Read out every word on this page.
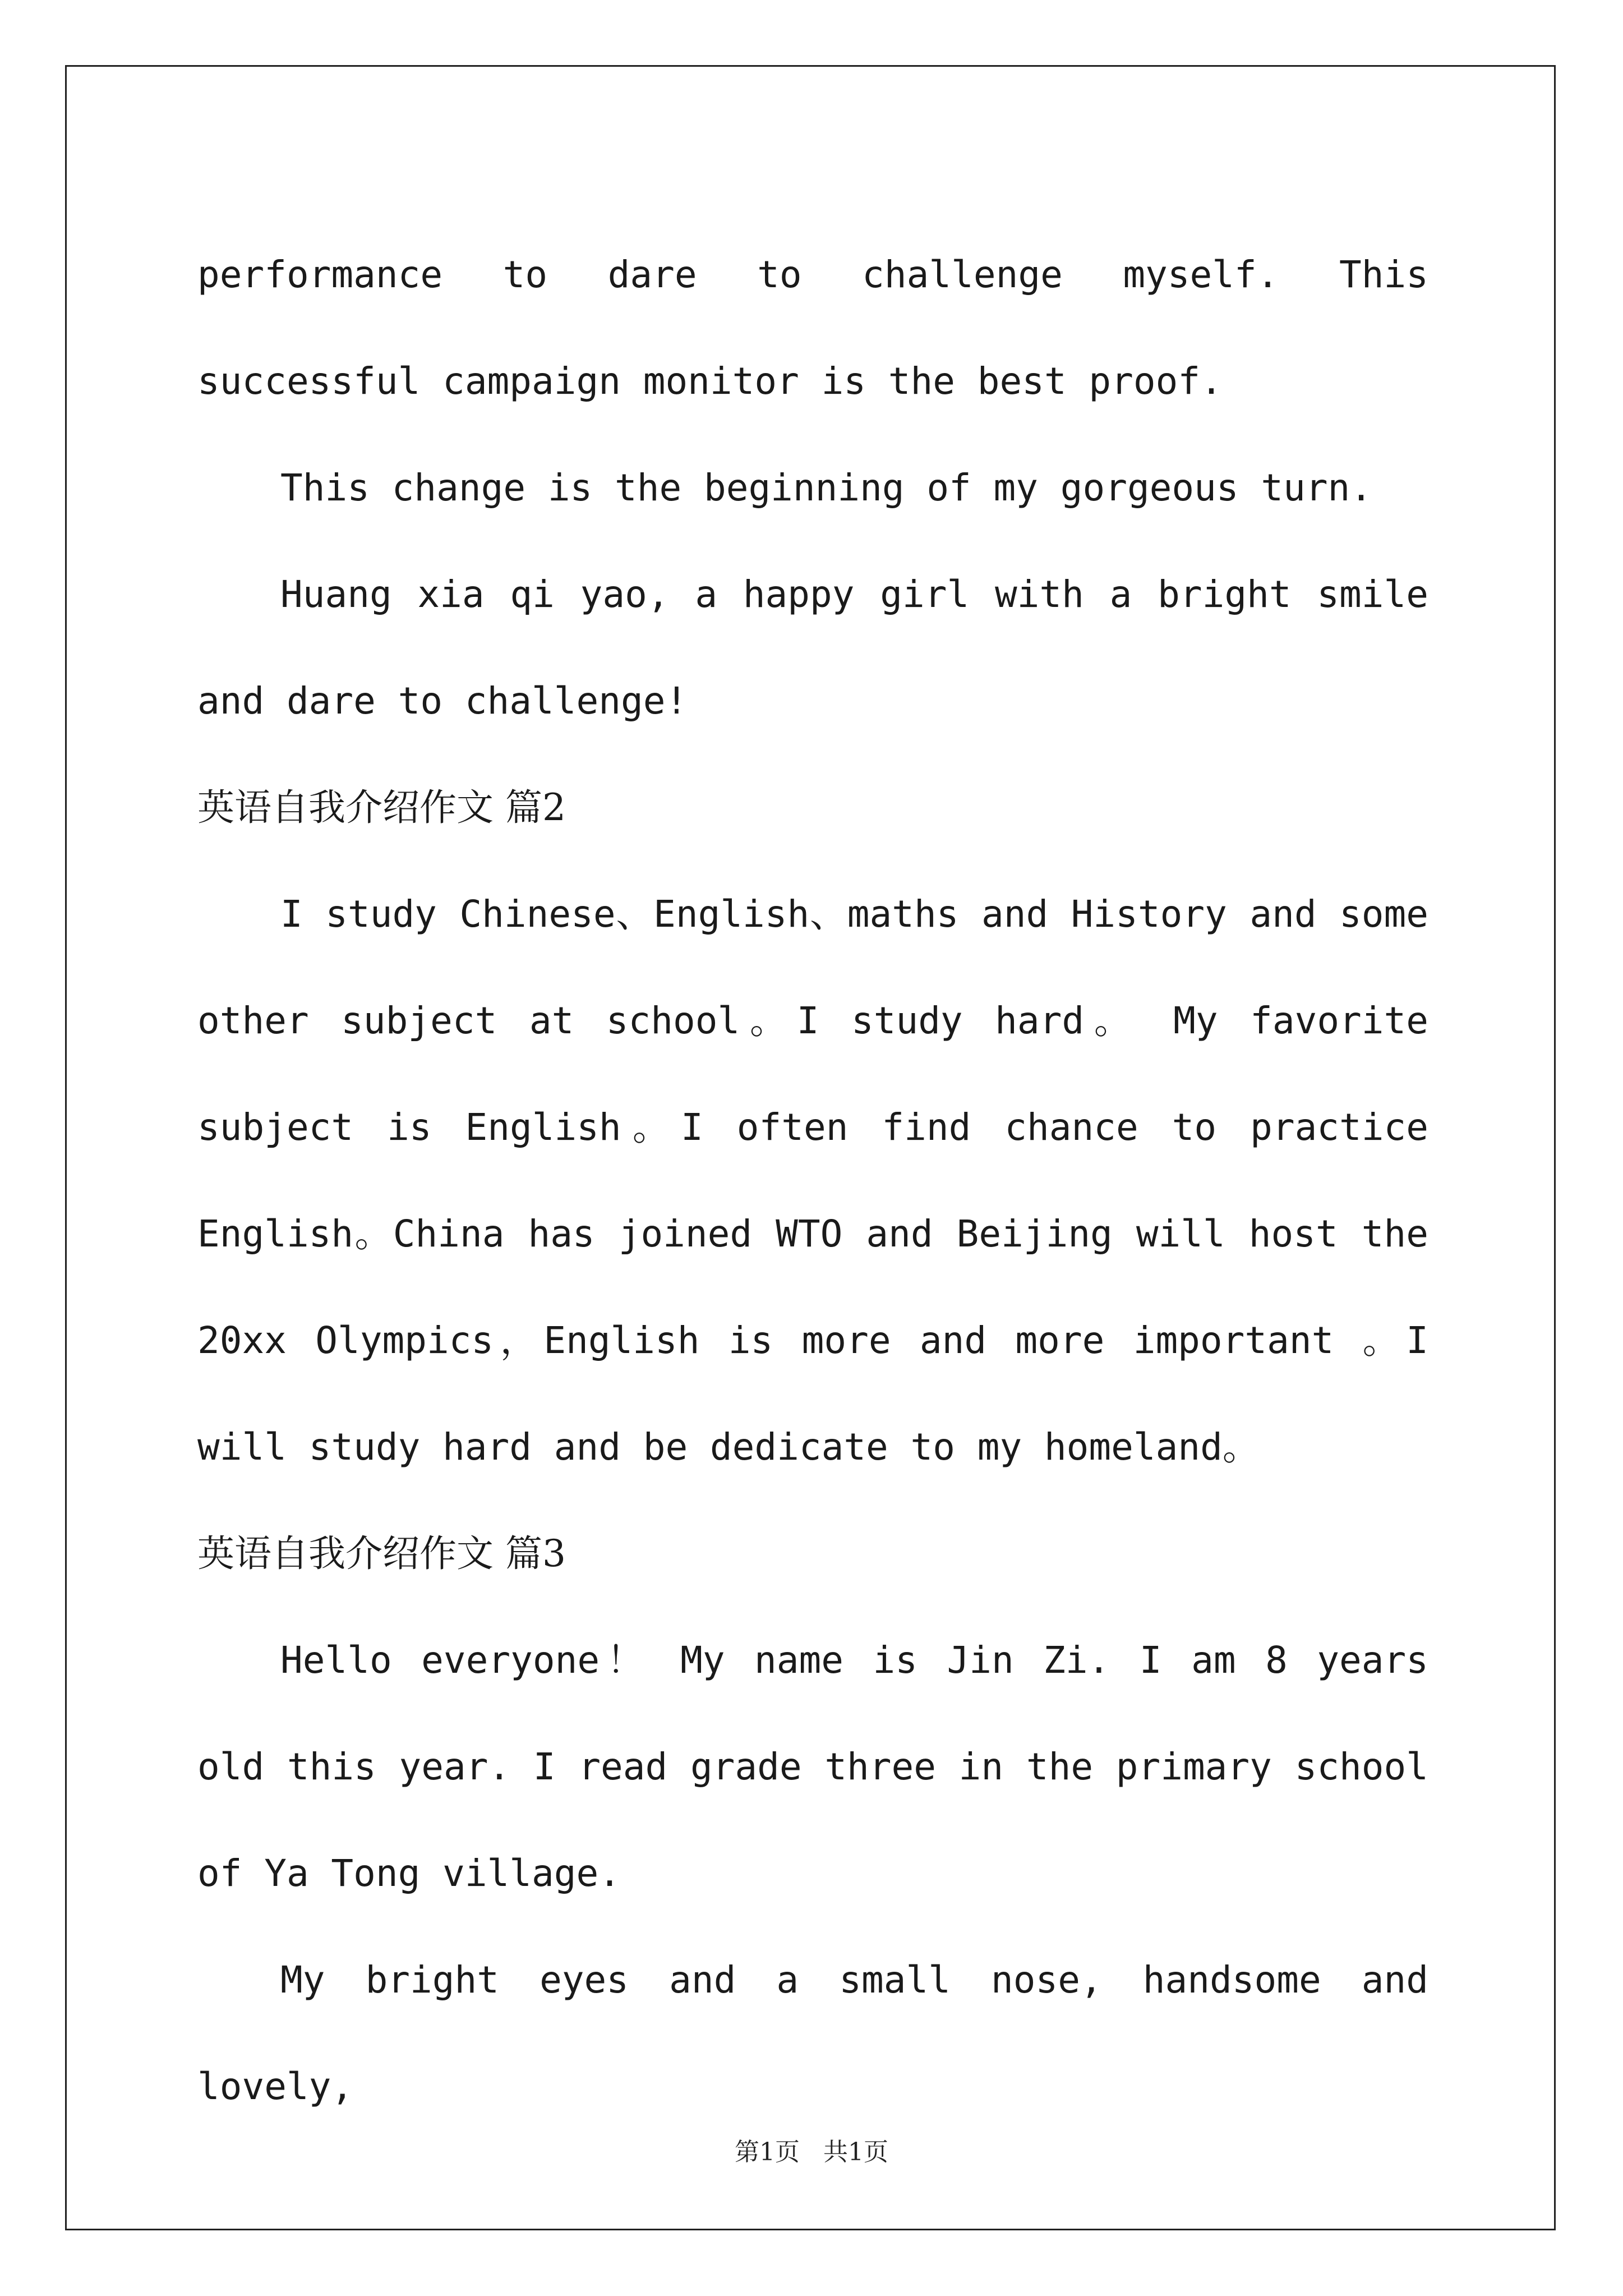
performance to dare to challenge myself. This successful campaign monitor is the best proof.

This change is the beginning of my gorgeous turn.

Huang xia qi yao, a happy girl with a bright smile and dare to challenge!

英语自我介绍作文 篇2

I study Chinese、English、maths and History and some other subject at school。I study hard。 My favorite subject is English。I often find chance to practice English。China has joined WTO and Beijing will host the 20xx Olympics，English is more and more important 。I will study hard and be dedicate to my homeland。

英语自我介绍作文 篇3

Hello everyone！ My name is Jin Zi. I am 8 years old this year. I read grade three in the primary school of Ya Tong village.

My bright eyes and a small nose, handsome and lovely,

第1页 共1页
